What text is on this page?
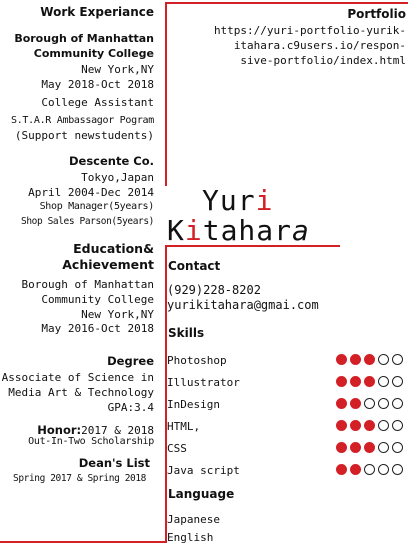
Work Experiance
Borough of Manhattan
Community College
New York,NY
May 2018-Oct 2018
College Assistant
S.T.A.R Ambassagor Pogram
(Support newstudents)
Descente Co.
Tokyo,Japan
April 2004-Dec 2014
Shop Manager(5years)
Shop Sales Parson(5years)
Education&
Achievement
Borough of Manhattan
Community College
New York,NY
May 2016-Oct 2018
Degree
Associate of Science in
Media Art & Technology
GPA:3.4
Honor:2017 & 2018
Out-In-Two Scholarship
Dean's List
Spring 2017 & Spring 2018
Portfolio
https://yuri-portfolio-yurik-
itahara.c9users.io/respon-
sive-portfolio/index.html
Yuri
Kitahara
Contact
(929)228-8202
yurikitahara@gmai.com
Skills
Photoshop
Illustrator
InDesign
HTML,
CSS
Java script
Language
Japanese
English
